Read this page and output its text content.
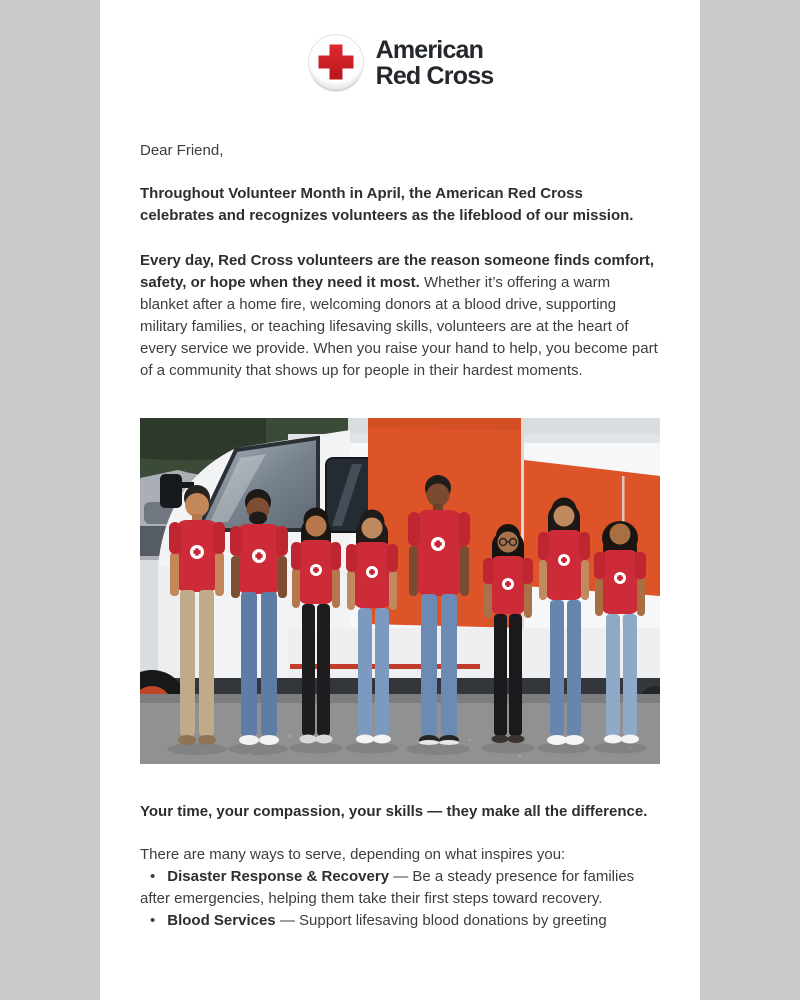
American
Red Cross

Dear Friend,

Throughout Volunteer Month in April, the American Red Cross celebrates and recognizes volunteers as the lifeblood of our mission.

Every day, Red Cross volunteers are the reason someone finds comfort, safety, or hope when they need it most. Whether it’s offering a warm blanket after a home fire, welcoming donors at a blood drive, supporting military families, or teaching lifesaving skills, volunteers are at the heart of every service we provide. When you raise your hand to help, you become part of a community that shows up for people in their hardest moments.

Your time, your compassion, your skills — they make all the difference.

There are many ways to serve, depending on what inspires you:
• Disaster Response & Recovery — Be a steady presence for families after emergencies, helping them take their first steps toward recovery.
• Blood Services — Support lifesaving blood donations by greeting
